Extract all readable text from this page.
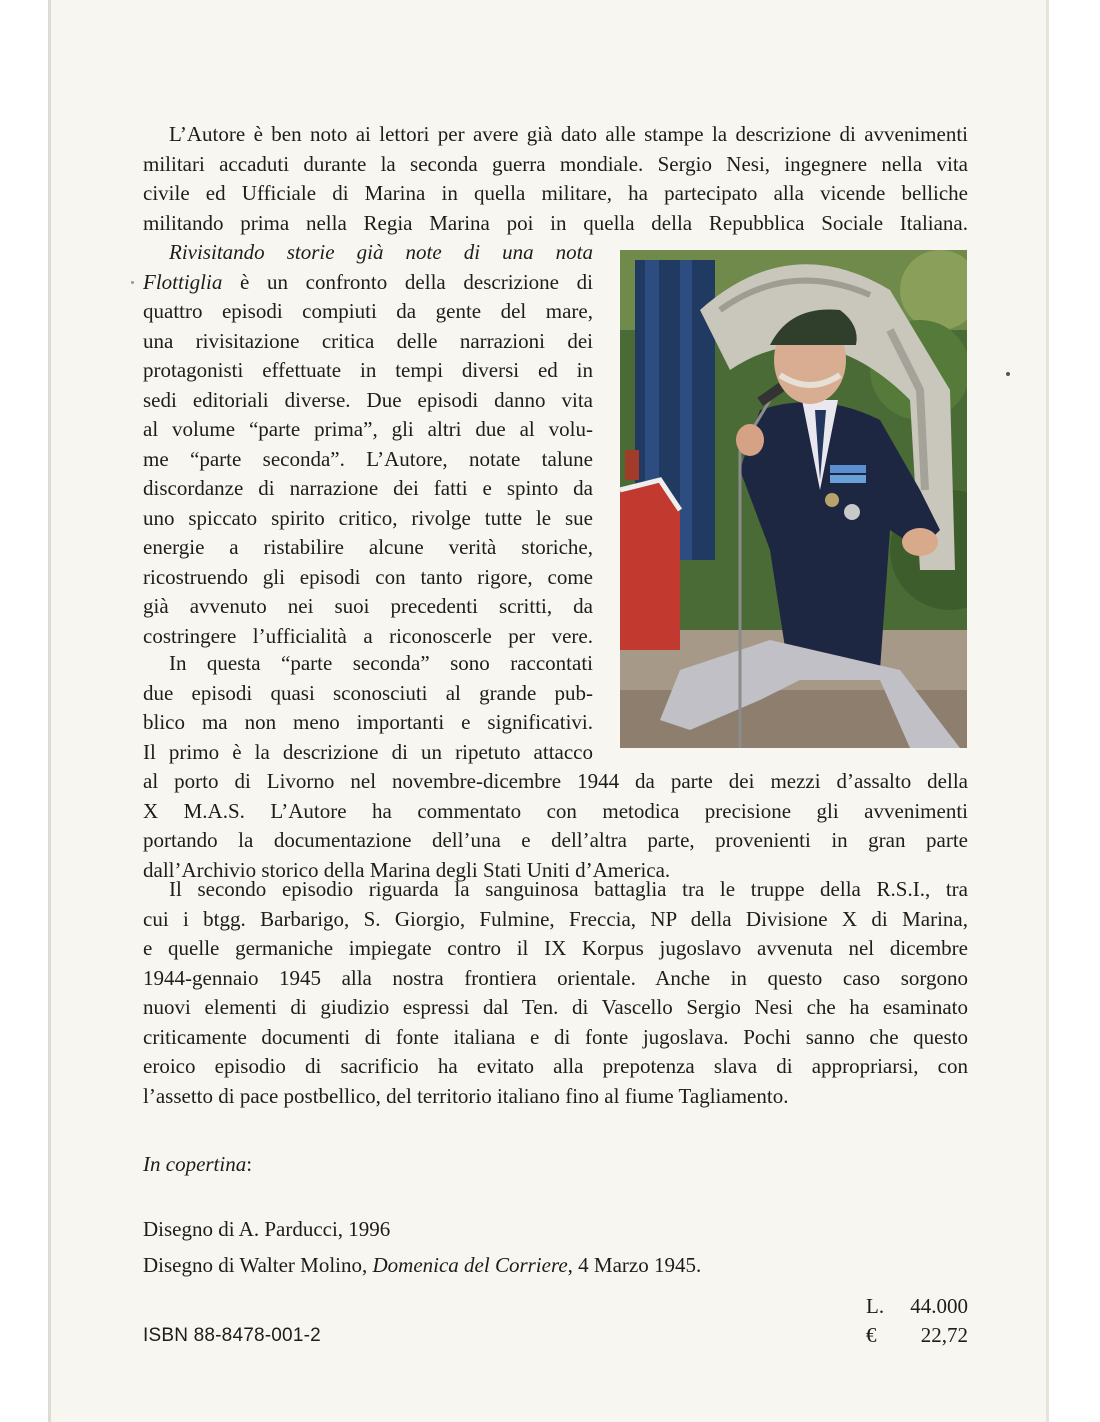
L’Autore è ben noto ai lettori per avere già dato alle stampe la descrizione di avvenimenti
militari accaduti durante la seconda guerra mondiale. Sergio Nesi, ingegnere nella vita
civile ed Ufficiale di Marina in quella militare, ha partecipato alla vicende belliche
militando prima nella Regia Marina poi in quella della Repubblica Sociale Italiana.
Rivisitando storie già note di una nota
Flottiglia è un confronto della descrizione di
quattro episodi compiuti da gente del mare,
una rivisitazione critica delle narrazioni dei
protagonisti effettuate in tempi diversi ed in
sedi editoriali diverse. Due episodi danno vita
al volume “parte prima”, gli altri due al volu-
me “parte seconda”. L’Autore, notate talune
discordanze di narrazione dei fatti e spinto da
uno spiccato spirito critico, rivolge tutte le sue
energie a ristabilire alcune verità storiche,
ricostruendo gli episodi con tanto rigore, come
già avvenuto nei suoi precedenti scritti, da
costringere l’ufficialità a riconoscerle per vere.
In questa “parte seconda” sono raccontati
due episodi quasi sconosciuti al grande pub-
blico ma non meno importanti e significativi.
Il primo è la descrizione di un ripetuto attacco
al porto di Livorno nel novembre-dicembre 1944 da parte dei mezzi d’assalto della
X M.A.S. L’Autore ha commentato con metodica precisione gli avvenimenti
portando la documentazione dell’una e dell’altra parte, provenienti in gran parte
dall’Archivio storico della Marina degli Stati Uniti d’America.
Il secondo episodio riguarda la sanguinosa battaglia tra le truppe della R.S.I., tra
cui i btgg. Barbarigo, S. Giorgio, Fulmine, Freccia, NP della Divisione X di Marina,
e quelle germaniche impiegate contro il IX Korpus jugoslavo avvenuta nel dicembre
1944-gennaio 1945 alla nostra frontiera orientale. Anche in questo caso sorgono
nuovi elementi di giudizio espressi dal Ten. di Vascello Sergio Nesi che ha esaminato
criticamente documenti di fonte italiana e di fonte jugoslava. Pochi sanno che questo
eroico episodio di sacrificio ha evitato alla prepotenza slava di appropriarsi, con
l’assetto di pace postbellico, del territorio italiano fino al fiume Tagliamento.
In copertina:
Disegno di A. Parducci, 1996
Disegno di Walter Molino, Domenica del Corriere, 4 Marzo 1945.
L. 44.000
€ 22,72
ISBN 88-8478-001-2
